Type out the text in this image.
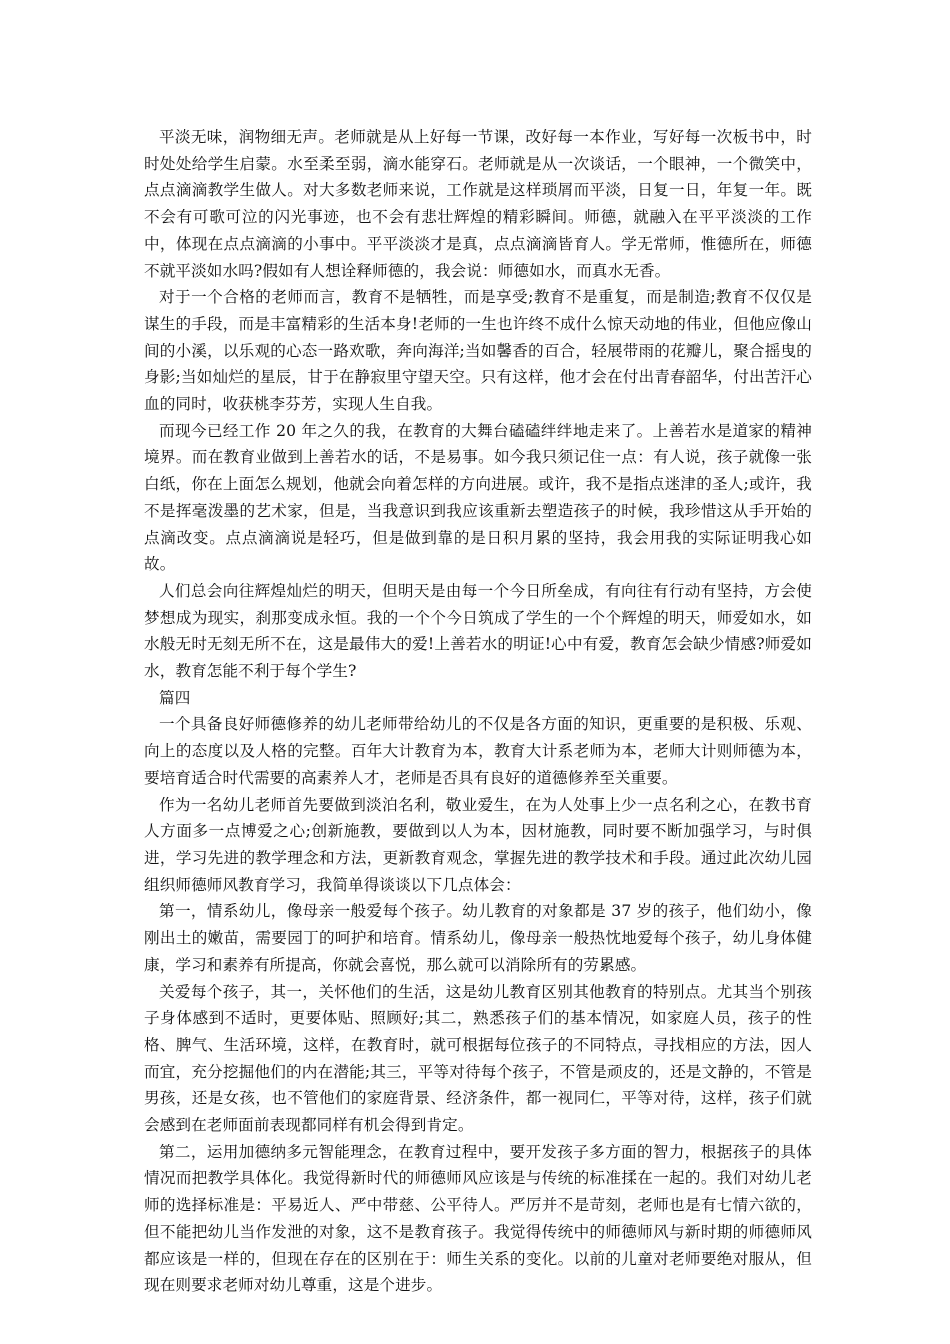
平淡无味，润物细无声。老师就是从上好每一节课，改好每一本作业，写好每一次板书中，时时处处给学生启蒙。水至柔至弱，滴水能穿石。老师就是从一次谈话，一个眼神，一个微笑中，点点滴滴教学生做人。对大多数老师来说，工作就是这样琐屑而平淡，日复一日，年复一年。既不会有可歌可泣的闪光事迹，也不会有悲壮辉煌的精彩瞬间。师德，就融入在平平淡淡的工作中，体现在点点滴滴的小事中。平平淡淡才是真，点点滴滴皆育人。学无常师，惟德所在，师德不就平淡如水吗?假如有人想诠释师德的，我会说：师德如水，而真水无香。

对于一个合格的老师而言，教育不是牺牲，而是享受;教育不是重复，而是制造;教育不仅仅是谋生的手段，而是丰富精彩的生活本身!老师的一生也许终不成什么惊天动地的伟业，但他应像山间的小溪，以乐观的心态一路欢歌，奔向海洋;当如馨香的百合，轻展带雨的花瓣儿，聚合摇曳的身影;当如灿烂的星辰，甘于在静寂里守望天空。只有这样，他才会在付出青春韶华，付出苦汗心血的同时，收获桃李芬芳，实现人生自我。

而现今已经工作 20 年之久的我，在教育的大舞台磕磕绊绊地走来了。上善若水是道家的精神境界。而在教育业做到上善若水的话，不是易事。如今我只须记住一点：有人说，孩子就像一张白纸，你在上面怎么规划，他就会向着怎样的方向进展。或许，我不是指点迷津的圣人;或许，我不是挥毫泼墨的艺术家，但是，当我意识到我应该重新去塑造孩子的时候，我珍惜这从手开始的点滴改变。点点滴滴说是轻巧，但是做到靠的是日积月累的坚持，我会用我的实际证明我心如故。

人们总会向往辉煌灿烂的明天，但明天是由每一个今日所垒成，有向往有行动有坚持，方会使梦想成为现实，刹那变成永恒。我的一个个今日筑成了学生的一个个辉煌的明天，师爱如水，如水般无时无刻无所不在，这是最伟大的爱!上善若水的明证!心中有爱，教育怎会缺少情感?师爱如水，教育怎能不利于每个学生?

篇四

一个具备良好师德修养的幼儿老师带给幼儿的不仅是各方面的知识，更重要的是积极、乐观、向上的态度以及人格的完整。百年大计教育为本，教育大计系老师为本，老师大计则师德为本，要培育适合时代需要的高素养人才，老师是否具有良好的道德修养至关重要。

作为一名幼儿老师首先要做到淡泊名利，敬业爱生，在为人处事上少一点名利之心，在教书育人方面多一点博爱之心;创新施教，要做到以人为本，因材施教，同时要不断加强学习，与时俱进，学习先进的教学理念和方法，更新教育观念，掌握先进的教学技术和手段。通过此次幼儿园组织师德师风教育学习，我简单得谈谈以下几点体会：

第一，情系幼儿，像母亲一般爱每个孩子。幼儿教育的对象都是 37 岁的孩子，他们幼小，像刚出土的嫩苗，需要园丁的呵护和培育。情系幼儿，像母亲一般热忱地爱每个孩子，幼儿身体健康，学习和素养有所提高，你就会喜悦，那么就可以消除所有的劳累感。

关爱每个孩子，其一，关怀他们的生活，这是幼儿教育区别其他教育的特别点。尤其当个别孩子身体感到不适时，更要体贴、照顾好;其二，熟悉孩子们的基本情况，如家庭人员，孩子的性格、脾气、生活环境，这样，在教育时，就可根据每位孩子的不同特点，寻找相应的方法，因人而宜，充分挖掘他们的内在潜能;其三，平等对待每个孩子，不管是顽皮的，还是文静的，不管是男孩，还是女孩，也不管他们的家庭背景、经济条件，都一视同仁，平等对待，这样，孩子们就会感到在老师面前表现都同样有机会得到肯定。

第二，运用加德纳多元智能理念，在教育过程中，要开发孩子多方面的智力，根据孩子的具体情况而把教学具体化。我觉得新时代的师德师风应该是与传统的标准揉在一起的。我们对幼儿老师的选择标准是：平易近人、严中带慈、公平待人。严厉并不是苛刻，老师也是有七情六欲的，但不能把幼儿当作发泄的对象，这不是教育孩子。我觉得传统中的师德师风与新时期的师德师风都应该是一样的，但现在存在的区别在于：师生关系的变化。以前的儿童对老师要绝对服从，但现在则要求老师对幼儿尊重，这是个进步。
